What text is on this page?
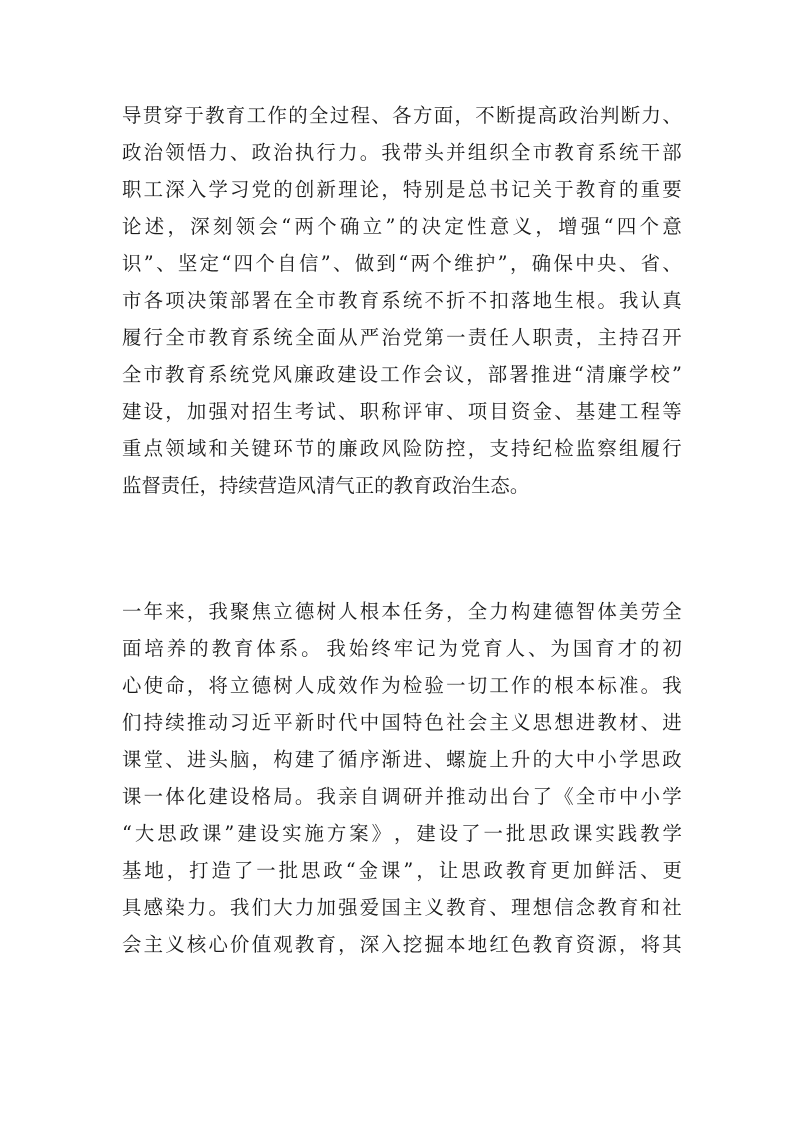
导 贯 穿 于 教 育 工 作 的 全 过 程 、 各 方 面 ， 不 断 提 高 政 治 判 断 力 、
政 治 领 悟 力 、 政 治 执 行 力 。 我 带 头 并 组 织 全 市 教 育 系 统 干 部
职 工 深 入 学 习 党 的 创 新 理 论 ， 特 别 是 总 书 记 关 于 教 育 的 重 要
论 述 ， 深 刻 领 会 “ 两 个 确 立 ” 的 决 定 性 意 义 ， 增 强 “ 四 个 意
识 ” 、 坚 定 “ 四 个 自 信 ” 、 做 到 “ 两 个 维 护 ” ， 确 保 中 央 、 省 、
市 各 项 决 策 部 署 在 全 市 教 育 系 统 不 折 不 扣 落 地 生 根 。 我 认 真
履 行 全 市 教 育 系 统 全 面 从 严 治 党 第 一 责 任 人 职 责 ， 主 持 召 开
全 市 教 育 系 统 党 风 廉 政 建 设 工 作 会 议 ， 部 署 推 进 “ 清 廉 学 校 ”
建 设 ， 加 强 对 招 生 考 试 、 职 称 评 审 、 项 目 资 金 、 基 建 工 程 等
重 点 领 域 和 关 键 环 节 的 廉 政 风 险 防 控 ， 支 持 纪 检 监 察 组 履 行
监 督 责 任 ， 持 续 营 造 风 清 气 正 的 教 育 政 治 生 态 。
一 年 来 ， 我 聚 焦 立 德 树 人 根 本 任 务 ， 全 力 构 建 德 智 体 美 劳 全
面 培 养 的 教 育 体 系 。 我 始 终 牢 记 为 党 育 人 、 为 国 育 才 的 初
心 使 命 ， 将 立 德 树 人 成 效 作 为 检 验 一 切 工 作 的 根 本 标 准 。 我
们 持 续 推 动 习 近 平 新 时 代 中 国 特 色 社 会 主 义 思 想 进 教 材 、 进
课 堂 、 进 头 脑 ， 构 建 了 循 序 渐 进 、 螺 旋 上 升 的 大 中 小 学 思 政
课 一 体 化 建 设 格 局 。 我 亲 自 调 研 并 推 动 出 台 了 《 全 市 中 小 学
“ 大 思 政 课 ” 建 设 实 施 方 案 》 ， 建 设 了 一 批 思 政 课 实 践 教 学
基 地 ， 打 造 了 一 批 思 政 “ 金 课 ” ， 让 思 政 教 育 更 加 鲜 活 、 更
具 感 染 力 。 我 们 大 力 加 强 爱 国 主 义 教 育 、 理 想 信 念 教 育 和 社
会 主 义 核 心 价 值 观 教 育 ， 深 入 挖 掘 本 地 红 色 教 育 资 源 ， 将 其
